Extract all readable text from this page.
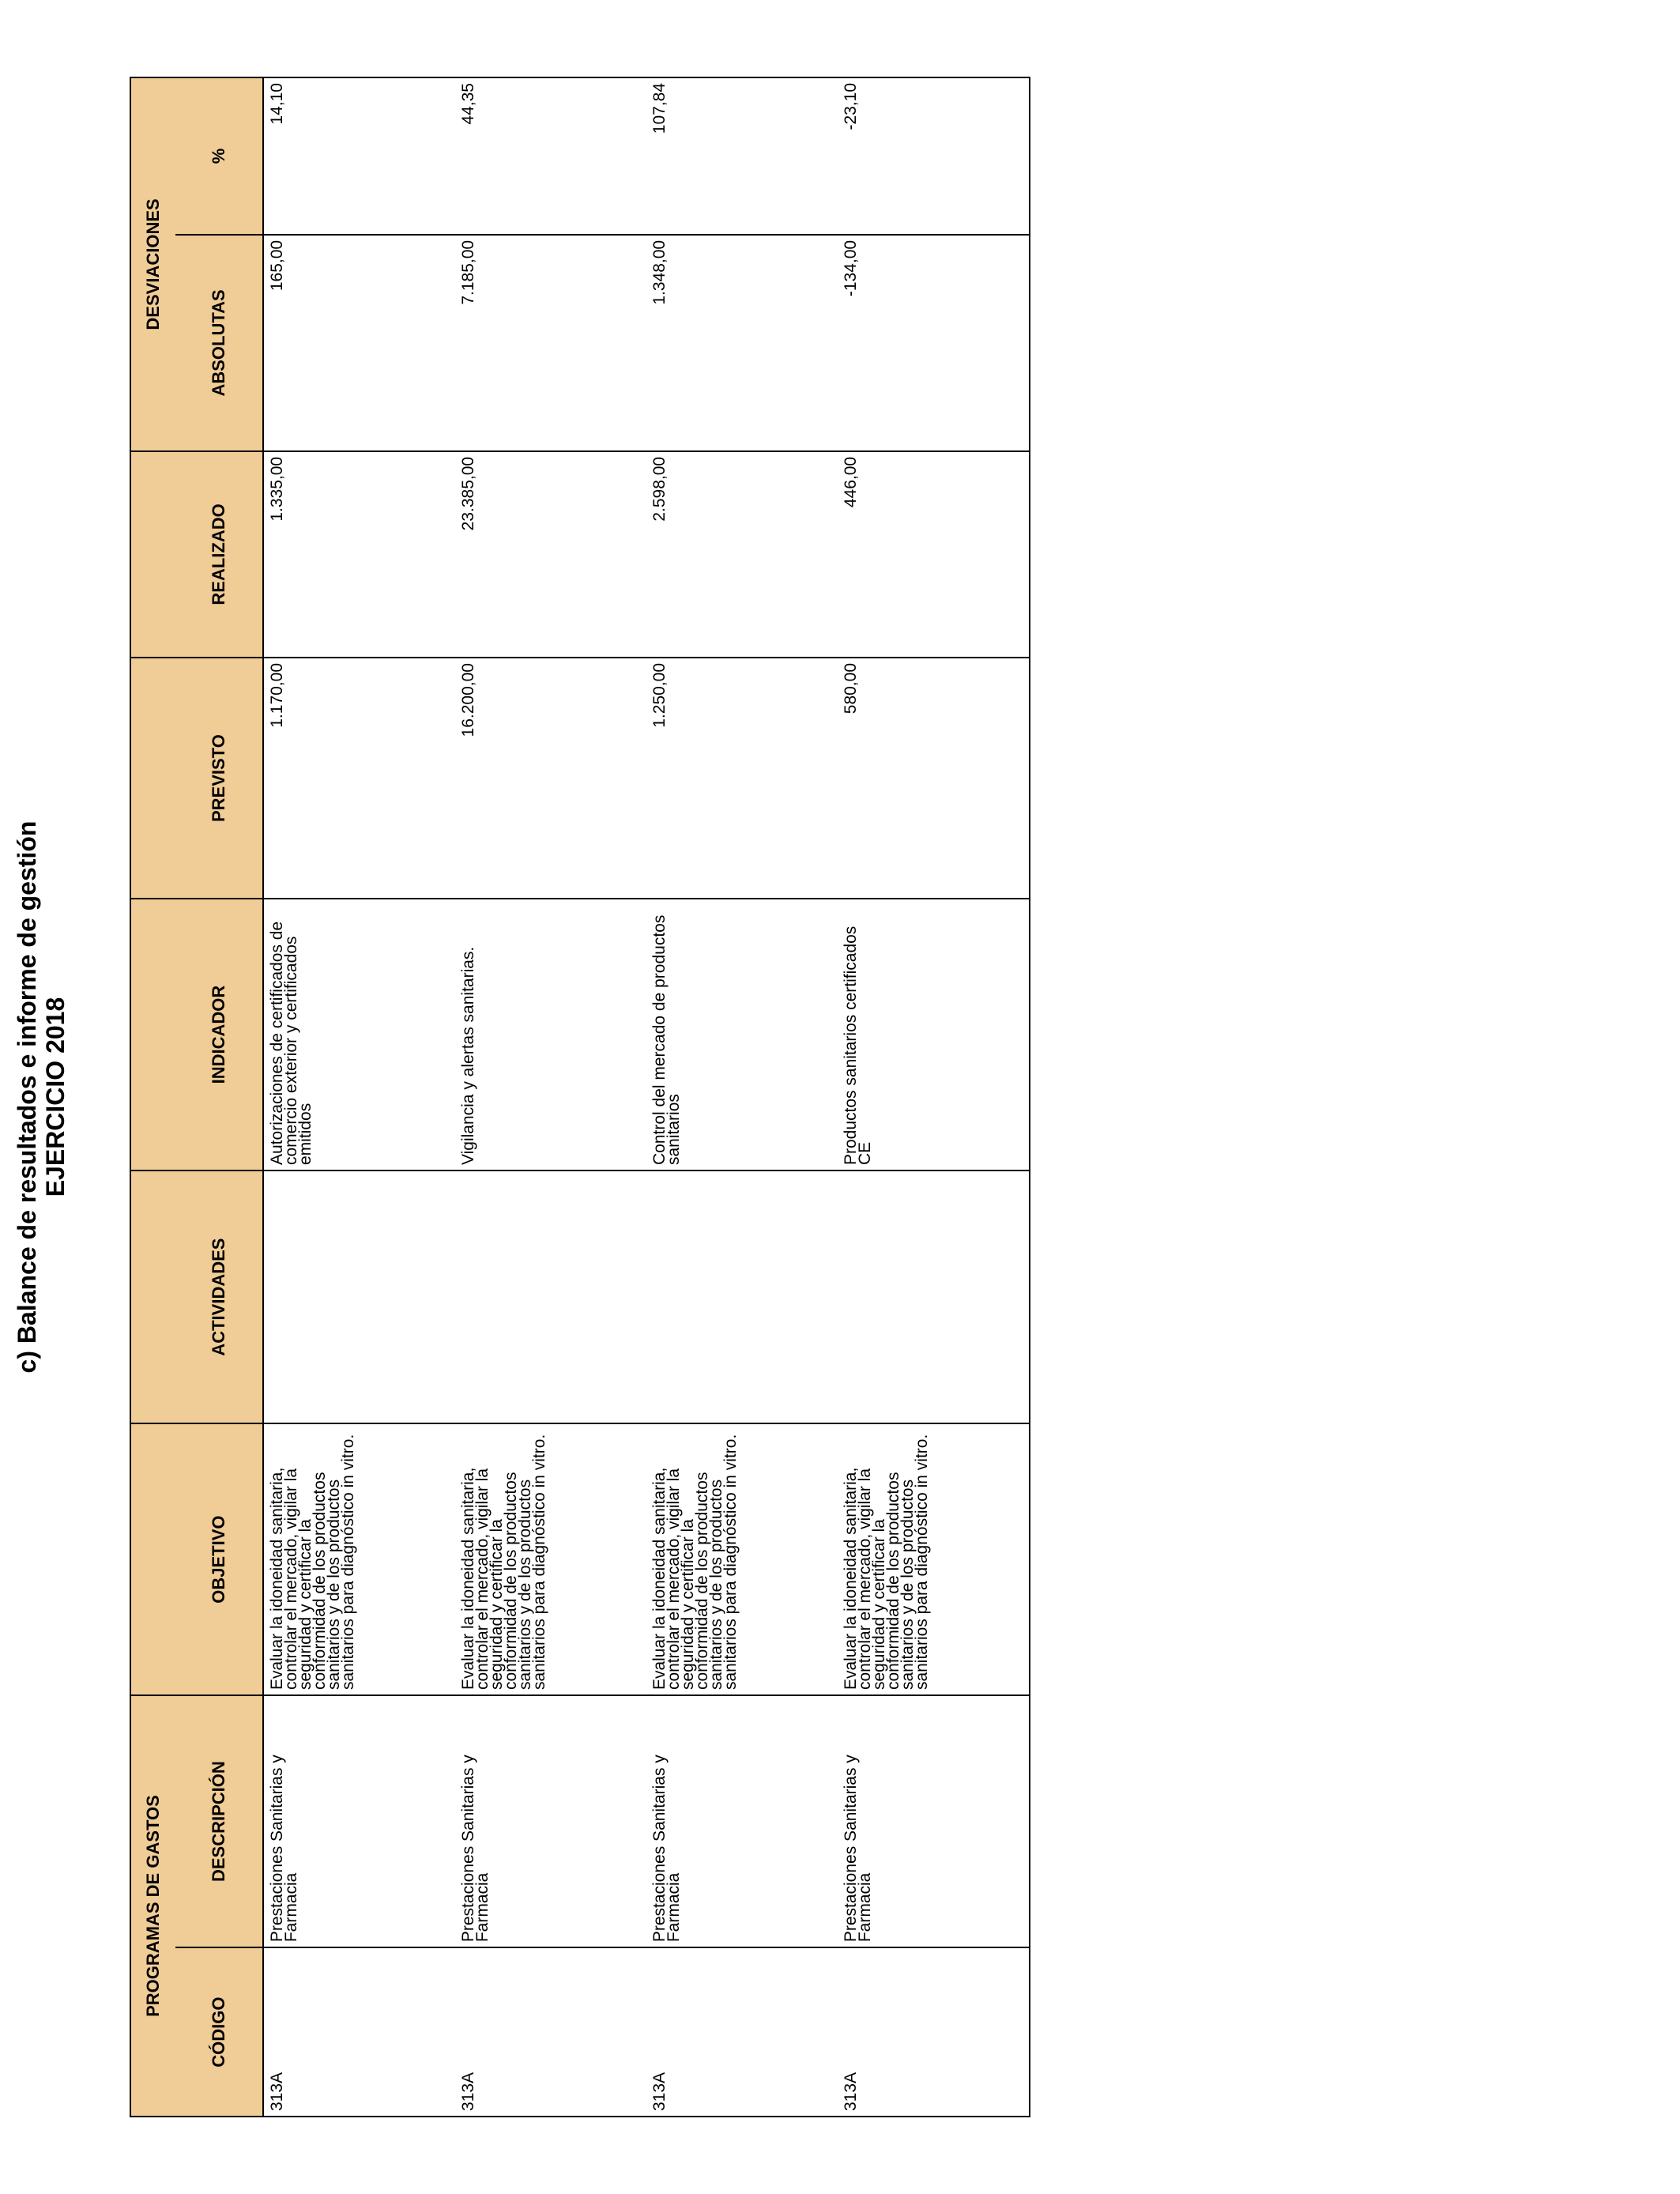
c) Balance de resultados e informe de gestión EJERCICIO 2018
PROGRAMAS DE GASTOS							DESVIACIONES	
CÓDIGO	DESCRIPCIÓN	OBJETIVO	ACTIVIDADES	INDICADOR	PREVISTO	REALIZADO	ABSOLUTAS	%
313A	Prestaciones Sanitarias y Farmacia	Evaluar la idoneidad sanitaria, controlar el mercado, vigilar la seguridad y certificar la conformidad de los productos sanitarios y de los productos sanitarios para diagnóstico in vitro.		Autorizaciones de certificados de comercio exterior y certificados emitidos	1.170,00	1.335,00	165,00	14,10
313A	Prestaciones Sanitarias y Farmacia	Evaluar la idoneidad sanitaria, controlar el mercado, vigilar la seguridad y certificar la conformidad de los productos sanitarios y de los productos sanitarios para diagnóstico in vitro.		Vigilancia y alertas sanitarias.	16.200,00	23.385,00	7.185,00	44,35
313A	Prestaciones Sanitarias y Farmacia	Evaluar la idoneidad sanitaria, controlar el mercado, vigilar la seguridad y certificar la conformidad de los productos sanitarios y de los productos sanitarios para diagnóstico in vitro.		Control del mercado de productos sanitarios	1.250,00	2.598,00	1.348,00	107,84
313A	Prestaciones Sanitarias y Farmacia	Evaluar la idoneidad sanitaria, controlar el mercado, vigilar la seguridad y certificar la conformidad de los productos sanitarios y de los productos sanitarios para diagnóstico in vitro.		Productos sanitarios certificados CE	580,00	446,00	-134,00	-23,10
